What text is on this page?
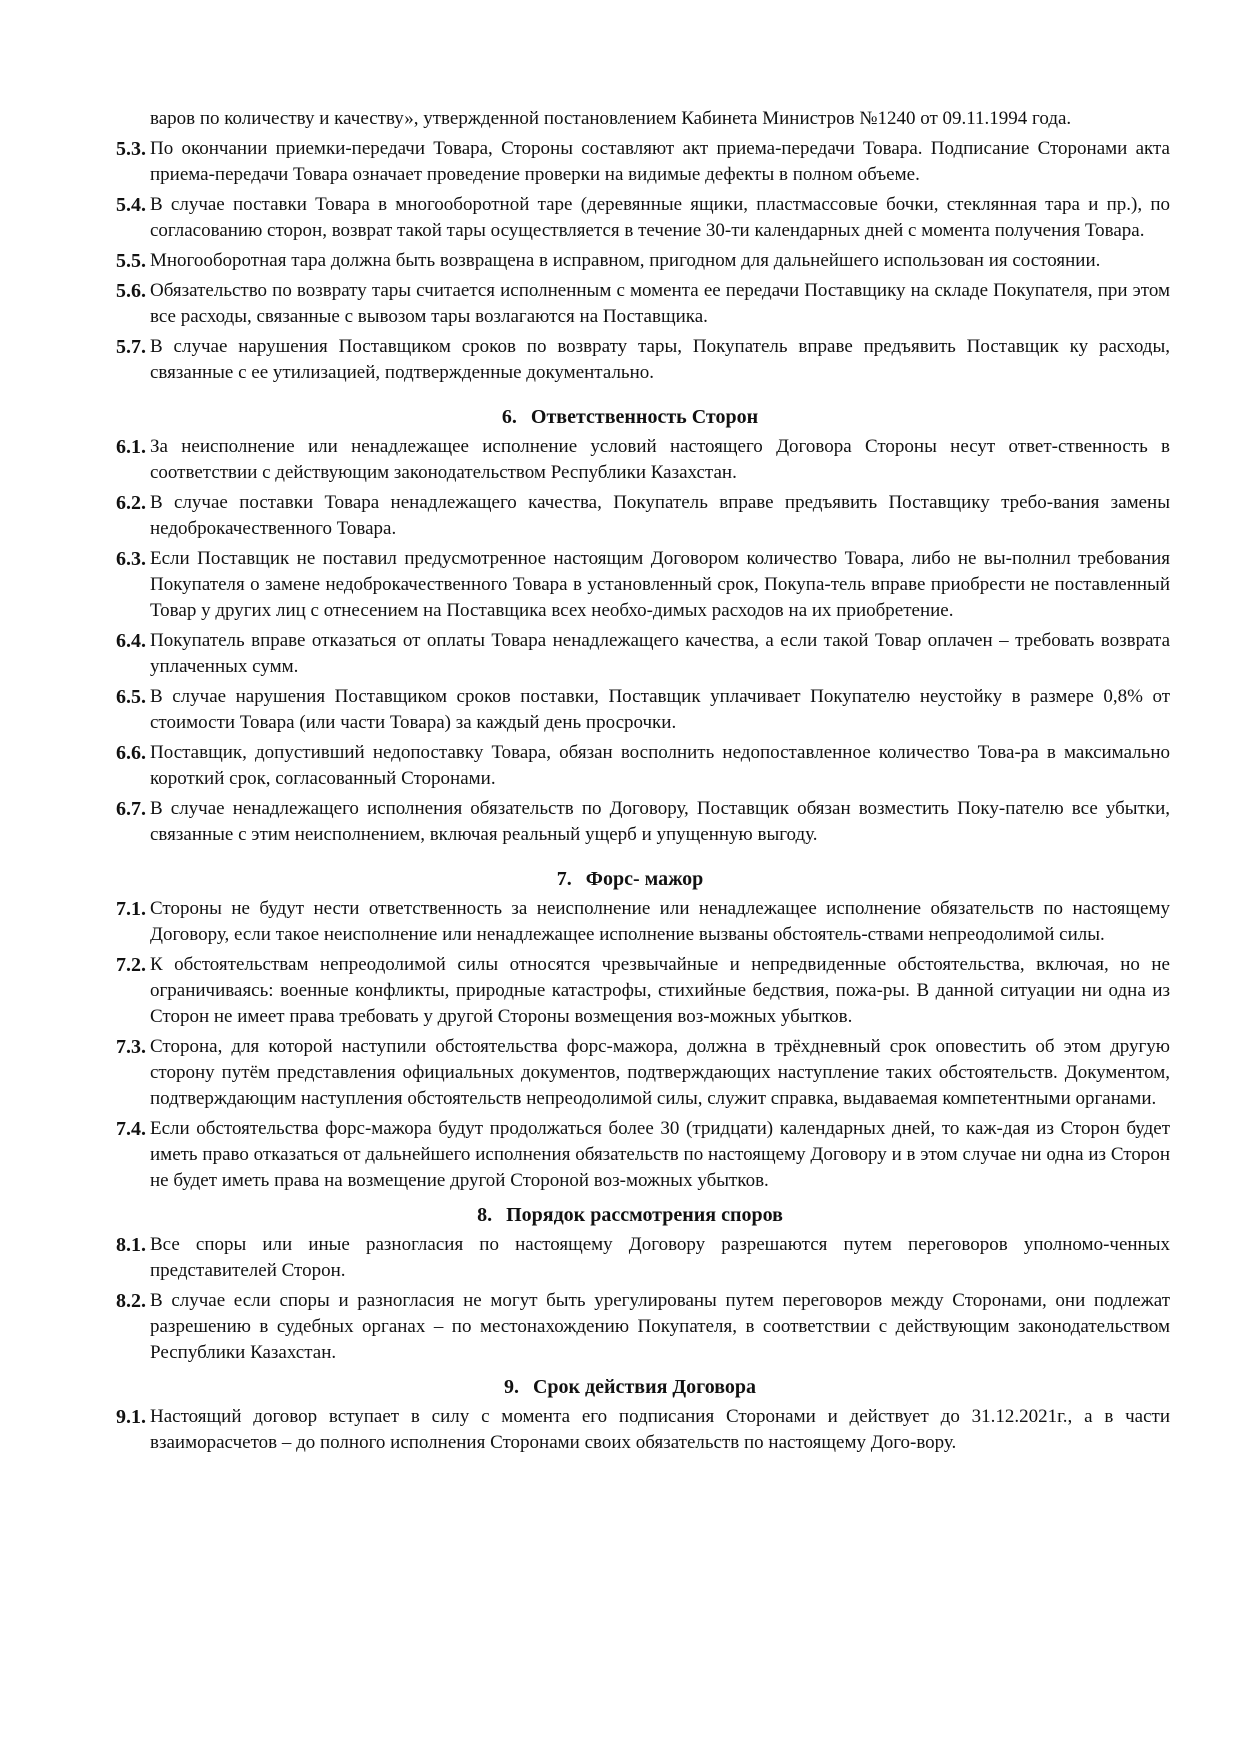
варов по количеству и качеству», утвержденной постановлением Кабинета Министров №1240 от 09.11.1994 года.
5.3. По окончании приемки-передачи Товара, Стороны составляют акт приема-передачи Товара. Подписание Сторонами акта приема-передачи Товара означает проведение проверки на видимые дефекты в полном объеме.
5.4. В случае поставки Товара в многооборотной таре (деревянные ящики, пластмассовые бочки, стеклянная тара и пр.), по согласованию сторон, возврат такой тары осуществляется в течение 30-ти календарных дней с момента получения Товара.
5.5. Многооборотная тара должна быть возвращена в исправном, пригодном для дальнейшего использован ия состоянии.
5.6. Обязательство по возврату тары считается исполненным с момента ее передачи Поставщику на складе Покупателя, при этом все расходы, связанные с вывозом тары возлагаются на Поставщика.
5.7. В случае нарушения Поставщиком сроков по возврату тары, Покупатель вправе предъявить Поставщик ку расходы, связанные с ее утилизацией, подтвержденные документально.
6. Ответственность Сторон
6.1. За неисполнение или ненадлежащее исполнение условий настоящего Договора Стороны несут ответ-ственность в соответствии с действующим законодательством Республики Казахстан.
6.2. В случае поставки Товара ненадлежащего качества, Покупатель вправе предъявить Поставщику требо-вания замены недоброкачественного Товара.
6.3. Если Поставщик не поставил предусмотренное настоящим Договором количество Товара, либо не вы-полнил требования Покупателя о замене недоброкачественного Товара в установленный срок, Покупа-тель вправе приобрести не поставленный Товар у других лиц с отнесением на Поставщика всех необхо-димых расходов на их приобретение.
6.4. Покупатель вправе отказаться от оплаты Товара ненадлежащего качества, а если такой Товар оплачен – требовать возврата уплаченных сумм.
6.5. В случае нарушения Поставщиком сроков поставки, Поставщик уплачивает Покупателю неустойку в размере 0,8% от стоимости Товара (или части Товара) за каждый день просрочки.
6.6. Поставщик, допустивший недопоставку Товара, обязан восполнить недопоставленное количество Това-ра в максимально короткий срок, согласованный Сторонами.
6.7. В случае ненадлежащего исполнения обязательств по Договору, Поставщик обязан возместить Поку-пателю все убытки, связанные с этим неисполнением, включая реальный ущерб и упущенную выгоду.
7. Форс- мажор
7.1. Стороны не будут нести ответственность за неисполнение или ненадлежащее исполнение обязательств по настоящему Договору, если такое неисполнение или ненадлежащее исполнение вызваны обстоятель-ствами непреодолимой силы.
7.2. К обстоятельствам непреодолимой силы относятся чрезвычайные и непредвиденные обстоятельства, включая, но не ограничиваясь: военные конфликты, природные катастрофы, стихийные бедствия, пожа-ры. В данной ситуации ни одна из Сторон не имеет права требовать у другой Стороны возмещения воз-можных убытков.
7.3. Сторона, для которой наступили обстоятельства форс-мажора, должна в трёхдневный срок оповестить об этом другую сторону путём представления официальных документов, подтверждающих наступление таких обстоятельств. Документом, подтверждающим наступления обстоятельств непреодолимой силы, служит справка, выдаваемая компетентными органами.
7.4. Если обстоятельства форс-мажора будут продолжаться более 30 (тридцати) календарных дней, то каж-дая из Сторон будет иметь право отказаться от дальнейшего исполнения обязательств по настоящему Договору и в этом случае ни одна из Сторон не будет иметь права на возмещение другой Стороной воз-можных убытков.
8. Порядок рассмотрения споров
8.1. Все споры или иные разногласия по настоящему Договору разрешаются путем переговоров уполномо-ченных представителей Сторон.
8.2. В случае если споры и разногласия не могут быть урегулированы путем переговоров между Сторонами, они подлежат разрешению в судебных органах – по местонахождению Покупателя, в соответствии с действующим законодательством Республики Казахстан.
9. Срок действия Договора
9.1. Настоящий договор вступает в силу с момента его подписания Сторонами и действует до 31.12.2021г., а в части взаиморасчетов – до полного исполнения Сторонами своих обязательств по настоящему Дого-вору.
